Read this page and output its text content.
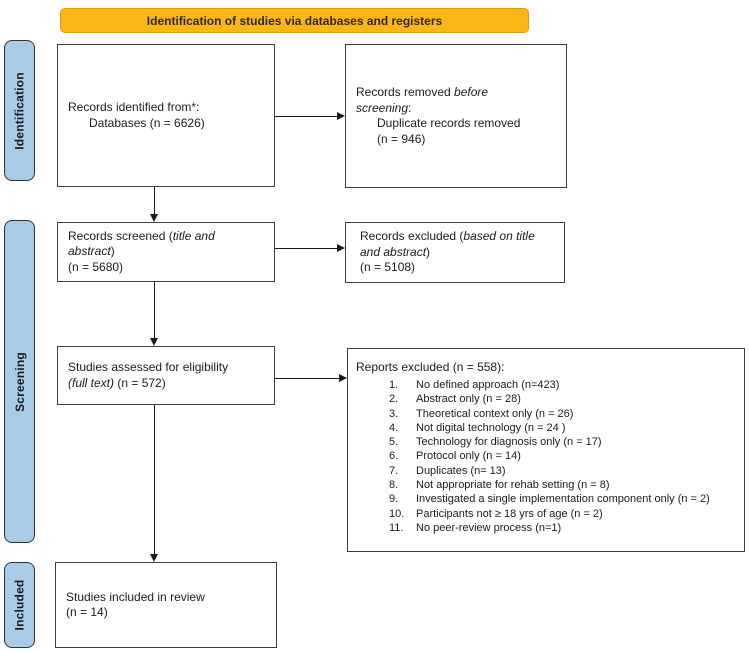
Identification of studies via databases and registers
Identification
Screening
Included

Records identified from*:

Databases (n = 6626)

Records removed before
screening:

Duplicate records removed
(n = 946)

Records screened (title and
abstract)

(n = 5680)

Records excluded (based on title
and abstract)

(n = 5108)

Studies assessed for eligibility

(full text) (n = 572)

Reports excluded (n = 558):

1.	No defined approach (n=423)
2.	Abstract only (n = 28)
3.	Theoretical context only (n = 26)
4.	Not digital technology (n = 24 )
5.	Technology for diagnosis only (n = 17)
6.	Protocol only (n = 14)
7.	Duplicates (n= 13)
8.	Not appropriate for rehab setting (n = 8)
9.	Investigated a single implementation component only (n = 2)
10.	Participants not ≥ 18 yrs of age (n = 2)
11.	No peer-review process (n=1)

Studies included in review

(n = 14)
